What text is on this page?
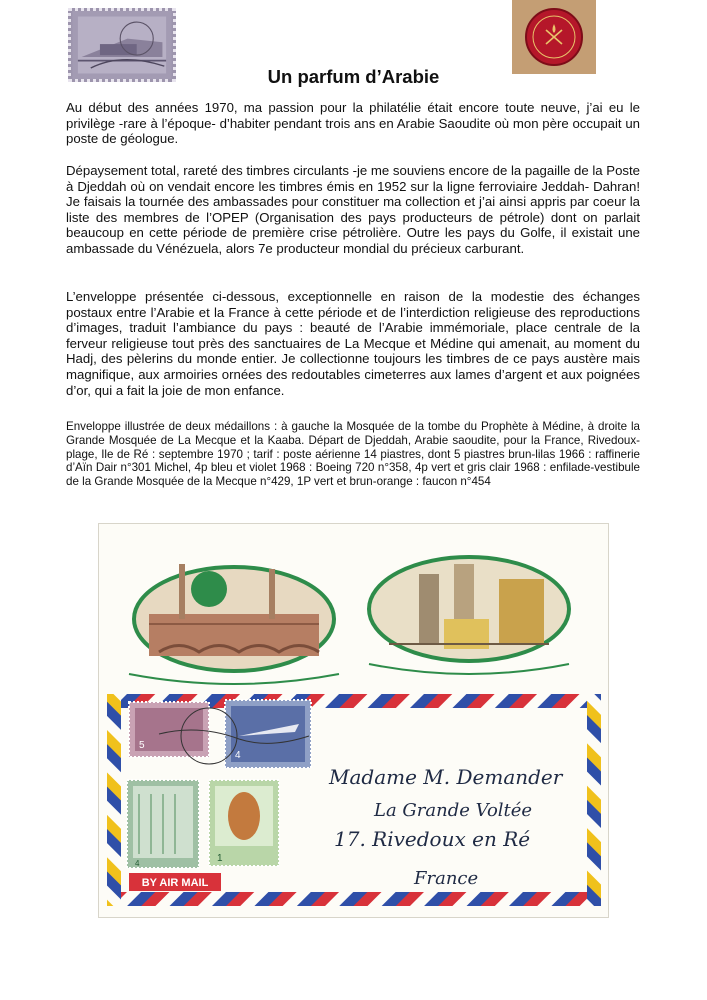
Un parfum d’Arabie

Au début des années 1970, ma passion pour la philatélie était encore toute neuve, j’ai eu le privilège -rare à l’époque- d’habiter pendant trois ans en Arabie Saoudite où mon père occupait un poste de géologue.

Dépaysement total, rareté des timbres circulants -je me souviens encore de la pagaille de la Poste à Djeddah où on vendait encore les timbres émis en 1952 sur la ligne ferroviaire Jeddah- Dahran! Je faisais la tournée des ambassades pour constituer ma collection et j’ai ainsi appris par coeur la liste des membres de l’OPEP (Organisation des pays producteurs de pétrole) dont on parlait beaucoup en cette période de première crise pétrolière. Outre les pays du Golfe, il existait une ambassade du Vénézuela, alors 7e producteur mondial du précieux carburant.

L’enveloppe présentée ci-dessous, exceptionnelle en raison de la modestie des échanges postaux entre l’Arabie et la France à cette période et de l’interdiction religieuse des reproductions d’images, traduit l’ambiance du pays : beauté de l’Arabie immémoriale, place centrale de la ferveur religieuse tout près des sanctuaires de La Mecque et Médine qui amenait, au moment du Hadj, des pèlerins du monde entier. Je collectionne toujours les timbres de ce pays austère mais magnifique, aux armoiries ornées des redoutables cimeterres aux lames d’argent et aux poignées d’or, qui a fait la joie de mon enfance.

Enveloppe illustrée de deux médaillons : à gauche la Mosquée de la tombe du Prophète à Médine, à droite la Grande Mosquée de La Mecque et la Kaaba. Départ de Djeddah, Arabie saoudite, pour la France, Rivedoux-plage, Ile de Ré : septembre 1970 ; tarif : poste aérienne 14 piastres, dont 5 piastres brun-lilas 1966 : raffinerie d’Aïn Dair n°301 Michel, 4p bleu et violet 1968 : Boeing 720 n°358, 4p vert et gris clair 1968 : enfilade-vestibule de la Grande Mosquée de la Mecque n°429, 1P vert et brun-orange : faucon n°454

5
4
4	1
BY AIR MAIL
Madame M. Demander
La Grande Voltée
17. Rivedoux en Ré
France
